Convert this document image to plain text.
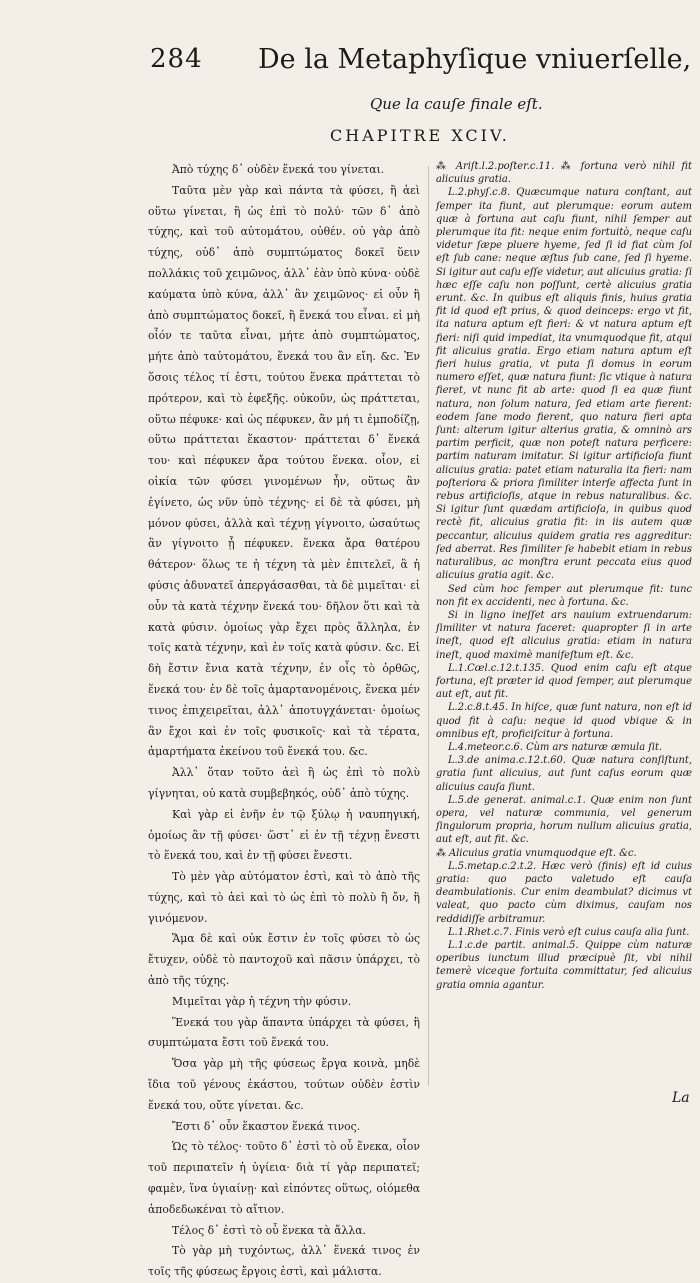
284 De la Metaphyſique vniuerſelle,
Que la cauſe finale eſt.
CHAPITRE XCIV.

Ἀπὸ τύχης δ᾽ οὐδὲν ἕνεκά του γίνεται.

Ταῦτα μὲν γὰρ καὶ πάντα τὰ φύσει, ἢ ἀεὶ οὕτω γίνεται, ἢ ὡς ἐπὶ τὸ πολύ· τῶν δ᾽ ἀπὸ τύχης, καὶ τοῦ αὐτομάτου, οὐθέν. οὐ γὰρ ἀπὸ τύχης, οὐδ᾽ ἀπὸ συμπτώματος δοκεῖ ὕειν πολλάκις τοῦ χειμῶνος, ἀλλ᾽ ἐὰν ὑπὸ κύνα· οὐδὲ καύματα ὑπὸ κύνα, ἀλλ᾽ ἂν χειμῶνος· εἰ οὖν ἢ ἀπὸ συμπτώματος δοκεῖ, ἢ ἕνεκά του εἶναι. εἰ μὴ οἷόν τε ταῦτα εἶναι, μήτε ἀπὸ συμπτώματος, μήτε ἀπὸ ταὐτομάτου, ἕνεκά του ἂν εἴη. &c. Ἐν ὅσοις τέλος τί ἐστι, τούτου ἕνεκα πράττεται τὸ πρότερον, καὶ τὸ ἐφεξῆς. οὐκοῦν, ὡς πράττεται, οὕτω πέφυκε· καὶ ὡς πέφυκεν, ἂν μή τι ἐμποδίζῃ, οὕτω πράττεται ἕκαστον· πράττεται δ᾽ ἕνεκά του· καὶ πέφυκεν ἄρα τούτου ἕνεκα. οἷον, εἰ οἰκία τῶν φύσει γινομένων ἦν, οὕτως ἂν ἐγίνετο, ὡς νῦν ὑπὸ τέχνης· εἰ δὲ τὰ φύσει, μὴ μόνον φύσει, ἀλλὰ καὶ τέχνῃ γίγνοιτο, ὡσαύτως ἂν γίγνοιτο ᾗ πέφυκεν. ἕνεκα ἄρα θατέρου θάτερον· ὅλως τε ἡ τέχνη τὰ μὲν ἐπιτελεῖ, ἃ ἡ φύσις ἀδυνατεῖ ἀπεργάσασθαι, τὰ δὲ μιμεῖται· εἰ οὖν τὰ κατὰ τέχνην ἕνεκά του· δῆλον ὅτι καὶ τὰ κατὰ φύσιν. ὁμοίως γὰρ ἔχει πρὸς ἄλληλα, ἐν τοῖς κατὰ τέχνην, καὶ ἐν τοῖς κατὰ φύσιν. &c. Εἰ δὴ ἔστιν ἔνια κατὰ τέχνην, ἐν οἷς τὸ ὀρθῶς, ἕνεκά του· ἐν δὲ τοῖς ἁμαρτανομένοις, ἕνεκα μέν τινος ἐπιχειρεῖται, ἀλλ᾽ ἀποτυγχάνεται· ὁμοίως ἂν ἔχοι καὶ ἐν τοῖς φυσικοῖς· καὶ τὰ τέρατα, ἁμαρτήματα ἐκείνου τοῦ ἕνεκά του. &c.

Ἀλλ᾽ ὅταν τοῦτο ἀεὶ ἢ ὡς ἐπὶ τὸ πολὺ γίγνηται, οὐ κατὰ συμβεβηκός, οὐδ᾽ ἀπὸ τύχης.

Καὶ γὰρ εἰ ἐνῆν ἐν τῷ ξύλῳ ἡ ναυπηγική, ὁμοίως ἂν τῇ φύσει· ὥστ᾽ εἰ ἐν τῇ τέχνῃ ἔνεστι τὸ ἕνεκά του, καὶ ἐν τῇ φύσει ἔνεστι.

Τὸ μὲν γὰρ αὐτόματον ἐστὶ, καὶ τὸ ἀπὸ τῆς τύχης, καὶ τὸ ἀεὶ καὶ τὸ ὡς ἐπὶ τὸ πολὺ ἢ ὄν, ἢ γινόμενον.

Ἅμα δὲ καὶ οὐκ ἔστιν ἐν τοῖς φύσει τὸ ὡς ἔτυχεν, οὐδὲ τὸ παντοχοῦ καὶ πᾶσιν ὑπάρχει, τὸ ἀπὸ τῆς τύχης.

Μιμεῖται γὰρ ἡ τέχνη τὴν φύσιν.

Ἕνεκά του γὰρ ἅπαντα ὑπάρχει τὰ φύσει, ἢ συμπτώματα ἔστι τοῦ ἕνεκά του.

Ὅσα γὰρ μὴ τῆς φύσεως ἔργα κοινὰ, μηδὲ ἴδια τοῦ γένους ἑκάστου, τούτων οὐδὲν ἐστὶν ἕνεκά του, οὔτε γίνεται. &c.

Ἔστι δ᾽ οὖν ἕκαστον ἕνεκά τινος.

Ὡς τὸ τέλος· τοῦτο δ᾽ ἐστὶ τὸ οὗ ἕνεκα, οἷον τοῦ περιπατεῖν ἡ ὑγίεια· διὰ τί γὰρ περιπατεῖ; φαμὲν, ἵνα ὑγιαίνῃ· καὶ εἰπόντες οὕτως, οἰόμεθα ἀποδεδωκέναι τὸ αἴτιον.

Τέλος δ᾽ ἐστὶ τὸ οὗ ἕνεκα τὰ ἄλλα.

Τὸ γὰρ μὴ τυχόντως, ἀλλ᾽ ἕνεκά τινος ἐν τοῖς τῆς φύσεως ἔργοις ἐστὶ, καὶ μάλιστα.

⁂ Ariſt.l.2.poſter.c.11. ⁂ fortuna verò nihil fit alicuius gratia.

L.2.phyſ.c.8. Quæcumque natura conſtant, aut ſemper ita fiunt, aut plerumque: eorum autem quæ à fortuna aut caſu fiunt, nihil ſemper aut plerumque ita fit: neque enim fortuitò, neque caſu videtur ſæpe pluere hyeme, ſed ſi id fiat cùm ſol eſt ſub cane: neque æſtus ſub cane, ſed ſi hyeme. Si igitur aut caſu eſſe videtur, aut alicuius gratia: ſi hæc eſſe caſu non poſſunt, certè alicuius gratia erunt. &c. In quibus eſt aliquis finis, huius gratia fit id quod eſt prius, & quod deinceps: ergo vt fit, ita natura aptum eſt fieri: & vt natura aptum eſt fieri: niſi quid impediat, ita vnumquodque fit, atqui fit alicuius gratia. Ergo etiam natura aptum eſt fieri huius gratia, vt puta ſi domus in eorum numero eſſet, quæ natura fiunt: ſic vtique à natura fieret, vt nunc fit ab arte: quod ſi ea quæ fiunt natura, non ſolum natura, ſed etiam arte fierent: eodem ſane modo fierent, quo natura fieri apta ſunt: alterum igitur alterius gratia, & omninò ars partim perficit, quæ non poteſt natura perficere: partim naturam imitatur. Si igitur artificioſa fiunt alicuius gratia: patet etiam naturalia ita fieri: nam poſteriora & priora ſimiliter interſe affecta ſunt in rebus artificioſis, atque in rebus naturalibus. &c. Si igitur ſunt quædam artificioſa, in quibus quod rectè fit, alicuius gratia fit: in iis autem quæ peccantur, alicuius quidem gratia res aggreditur: ſed aberrat. Res ſimiliter ſe habebit etiam in rebus naturalibus, ac monſtra erunt peccata eius quod alicuius gratia agit. &c.

Sed cùm hoc ſemper aut plerumque fit: tunc non fit ex accidenti, nec à fortuna. &c.

Si in ligno ineſſet ars nauium extruendarum: ſimiliter vt natura faceret: quapropter ſi in arte ineſt, quod eſt alicuius gratia: etiam in natura ineſt, quod maximè manifeſtum eſt. &c.

L.1.Cœl.c.12.t.135. Quod enim caſu eſt atque fortuna, eſt præter id quod ſemper, aut plerumque aut eſt, aut fit.

L.2.c.8.t.45. In hiſce, quæ ſunt natura, non eſt id quod fit à caſu: neque id quod vbique & in omnibus eſt, proficiſcitur à fortuna.

L.4.meteor.c.6. Cùm ars naturæ æmula ſit.

L.3.de anima.c.12.t.60. Quæ natura conſiſtunt, gratia ſunt alicuius, aut ſunt caſus eorum quæ alicuius cauſa ſiunt.

L.5.de generat. animal.c.1. Quæ enim non ſunt opera, vel naturæ communia, vel generum ſingulorum propria, horum nullum alicuius gratia, aut eſt, aut fit. &c.

⁂ Alicuius gratia vnumquodque eſt. &c.

L.5.metap.c.2.t.2. Hæc verò (finis) eſt id cuius gratia: quo pacto valetudo eſt cauſa deambulationis. Cur enim deambulat? dicimus vt valeat, quo pacto cùm diximus, cauſam nos reddidiſſe arbitramur.

L.1.Rhet.c.7. Finis verò eſt cuius cauſa alia ſunt.

L.1.c.de partit. animal.5. Quippe cùm naturæ operibus iunctum illud præcipuè ſit, vbi nihil temerè viceque fortuita committatur, ſed alicuius gratia omnia agantur.

La
